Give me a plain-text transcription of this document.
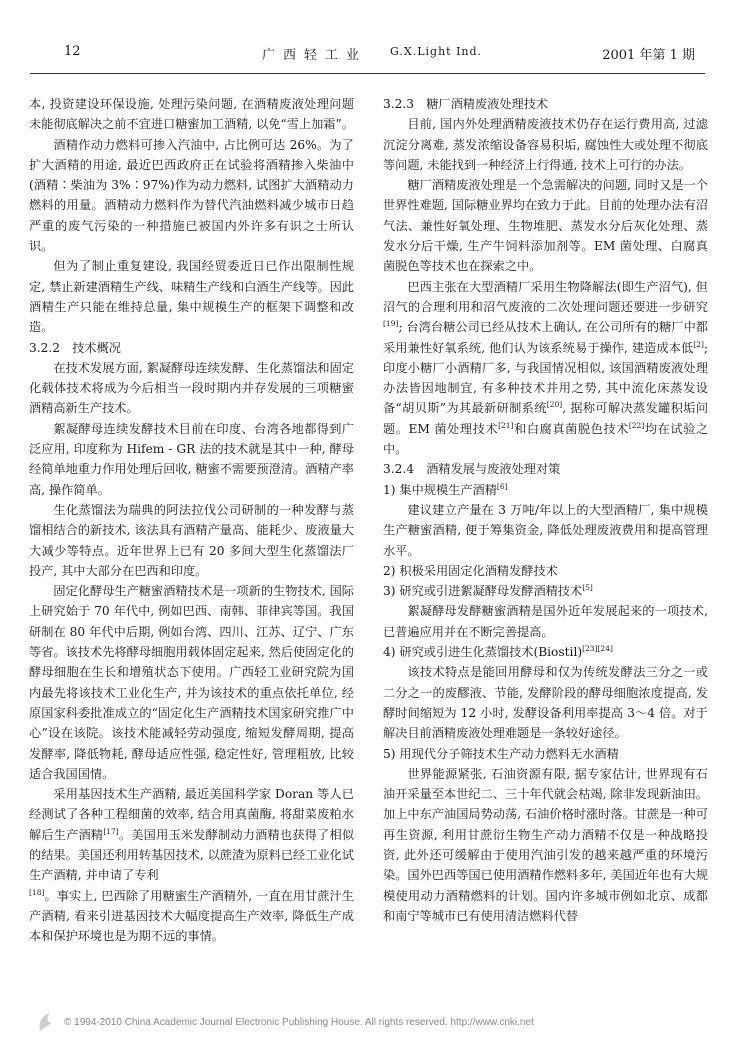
12	广西轻工业 G.X.Light Ind.	2001 年第 1 期

本, 投资建设环保设施, 处理污染问题, 在酒精废液处理问题未能彻底解决之前不宜进口糖蜜加工酒精, 以免“雪上加霜”。

酒精作动力燃料可掺入汽油中, 占比例可达 26%。为了扩大酒精的用途, 最近巴西政府正在试验将酒精掺入柴油中(酒精∶柴油为 3%∶97%)作为动力燃料, 试图扩大酒精动力燃料的用量。酒精动力燃料作为替代汽油燃料减少城市日趋严重的废气污染的一种措施已被国内外许多有识之士所认识。

但为了制止重复建设, 我国经贸委近日已作出限制性规定, 禁止新建酒精生产线、味精生产线和白酒生产线等。因此酒精生产只能在维持总量, 集中规模生产的框架下调整和改造。

3.2.2　技术概况

在技术发展方面, 絮凝酵母连续发酵、生化蒸馏法和固定化载体技术将成为今后相当一段时期内并存发展的三项糖蜜酒精高新生产技术。

絮凝酵母连续发酵技术目前在印度、台湾各地都得到广泛应用, 印度称为 Hifem - GR 法的技术就是其中一种, 酵母经简单地重力作用处理后回收, 糖蜜不需要预澄清。酒精产率高, 操作简单。

生化蒸馏法为瑞典的阿法拉伐公司研制的一种发酵与蒸馏相结合的新技术, 该法具有酒精产量高、能耗少、废液量大大减少等特点。近年世界上已有 20 多间大型生化蒸馏法厂投产, 其中大部分在巴西和印度。

固定化酵母生产糖蜜酒精技术是一项新的生物技术, 国际上研究始于 70 年代中, 例如巴西、南韩、菲律宾等国。我国研制在 80 年代中后期, 例如台湾、四川、江苏、辽宁、广东等省。该技术先将酵母细胞用载体固定起来, 然后使固定化的酵母细胞在生长和增殖状态下使用。广西轻工业研究院为国内最先将该技术工业化生产, 并为该技术的重点依托单位, 经原国家科委批准成立的“固定化生产酒精技术国家研究推广中心”设在该院。该技术能减轻劳动强度, 缩短发酵周期, 提高发酵率, 降低物耗, 酵母适应性强, 稳定性好, 管理粗放, 比较适合我国国情。

采用基因技术生产酒精, 最近美国科学家 Doran 等人已经测试了各种工程细菌的效率, 结合用真菌酶, 将甜菜废粕水解后生产酒精[17]。美国用玉米发酵制动力酒精也获得了相似的结果。美国还利用转基因技术, 以蔗渣为原料已经工业化试生产酒精, 并申请了专利

[18]。事实上, 巴西除了用糖蜜生产酒精外, 一直在用甘蔗汁生产酒精, 看来引进基因技术大幅度提高生产效率, 降低生产成本和保护环境也是为期不远的事情。

3.2.3　糖厂酒精废液处理技术

目前, 国内外处理酒精废液技术仍存在运行费用高, 过滤沉淀分离难, 蒸发浓缩设备容易积垢, 腐蚀性大或处理不彻底等问题, 未能找到一种经济上行得通, 技术上可行的办法。

糖厂酒精废液处理是一个急需解决的问题, 同时又是一个世界性难题, 国际糖业界均在致力于此。目前的处理办法有沼气法、兼性好氧处理、生物堆肥、蒸发水分后灰化处理、蒸发水分后干燥, 生产牛饲料添加剂等。EM 菌处理、白腐真菌脱色等技术也在探索之中。

巴西主张在大型酒精厂采用生物降解法(即生产沼气), 但沼气的合理利用和沼气废液的二次处理问题还要进一步研究[19]; 台湾台糖公司已经从技术上确认, 在公司所有的糖厂中都采用兼性好氧系统, 他们认为该系统易于操作, 建造成本低[2]; 印度小糖厂小酒精厂多, 与我国情况相似, 该国酒精废液处理办法皆因地制宜, 有多种技术并用之势, 其中流化床蒸发设备“胡贝斯”为其最新研制系统[20], 据称可解决蒸发罐积垢问题。EM 菌处理技术[21]和白腐真菌脱色技术[22]均在试验之中。

3.2.4　酒精发展与废液处理对策

1) 集中规模生产酒精[6]

建议建立产量在 3 万吨/年以上的大型酒精厂, 集中规模生产糖蜜酒精, 便于筹集资金, 降低处理废液费用和提高管理水平。

2) 积极采用固定化酒精发酵技术

3) 研究或引进絮凝酵母发酵酒精技术[5]

絮凝酵母发酵糖蜜酒精是国外近年发展起来的一项技术, 已普遍应用并在不断完善提高。

4) 研究或引进生化蒸馏技术(Biostil)[23][24]

该技术特点是能回用酵母和仅为传统发酵法三分之一或二分之一的废醪液、节能, 发酵阶段的酵母细胞浓度提高, 发酵时间缩短为 12 小时, 发酵设备利用率提高 3～4 倍。对于解决目前酒精废液处理难题是一条较好途径。

5) 用现代分子筛技术生产动力燃料无水酒精

世界能源紧张, 石油资源有限, 据专家估计, 世界现有石油开采量至本世纪二、三十年代就会枯竭, 除非发现新油田。加上中东产油国局势动荡, 石油价格时涨时落。甘蔗是一种可再生资源, 利用甘蔗衍生物生产动力酒精不仅是一种战略投资, 此外还可缓解由于使用汽油引发的越来越严重的环境污染。国外巴西等国已使用酒精作燃料多年, 美国近年也有大规模使用动力酒精燃料的计划。国内许多城市例如北京、成都和南宁等城市已有使用清洁燃料代替

© 1994-2010 China Academic Journal Electronic Publishing House. All rights reserved. http://www.cnki.net
